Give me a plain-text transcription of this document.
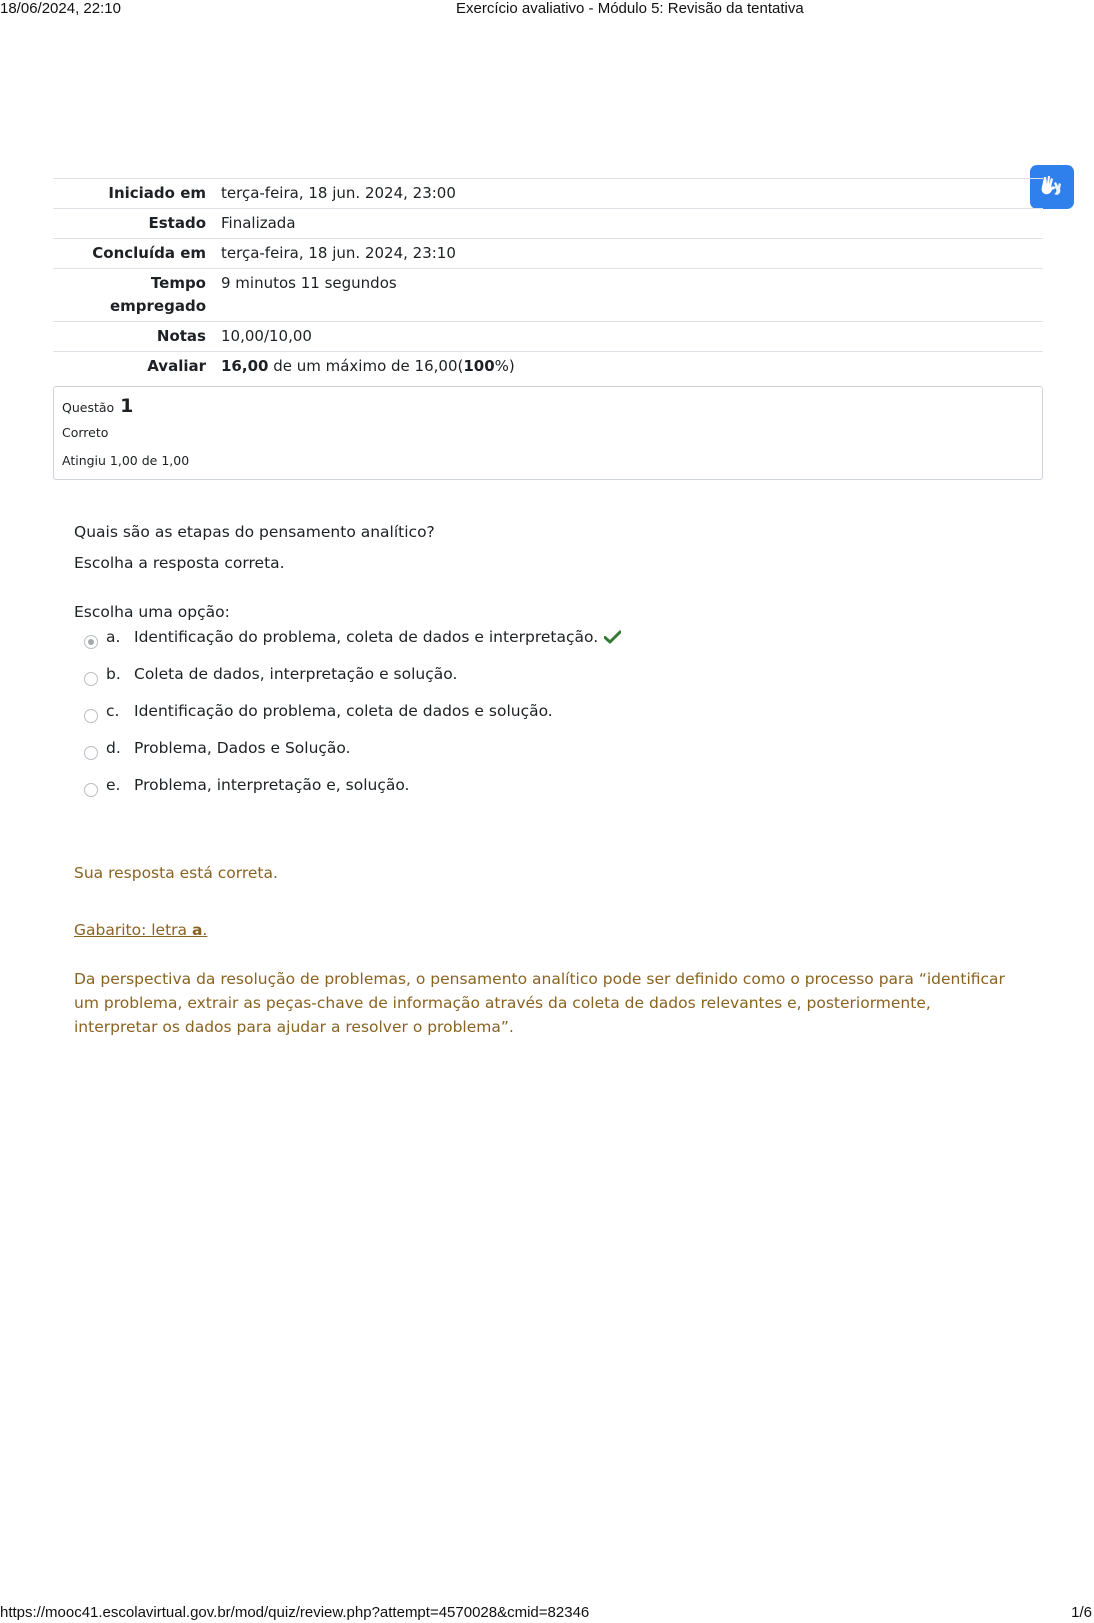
18/06/2024, 22:10	Exercício avaliativo - Módulo 5: Revisão da tentativa
Iniciado em	terça-feira, 18 jun. 2024, 23:00
Estado	Finalizada
Concluída em	terça-feira, 18 jun. 2024, 23:10
Tempo
empregado	9 minutos 11 segundos
Notas	10,00/10,00
Avaliar	16,00 de um máximo de 16,00(100%)
Questão 1
Correto
Atingiu 1,00 de 1,00
Quais são as etapas do pensamento analítico?
Escolha a resposta correta.
Escolha uma opção:
a. Identificação do problema, coleta de dados e interpretação.
b. Coleta de dados, interpretação e solução.
c. Identificação do problema, coleta de dados e solução.
d. Problema, Dados e Solução.
e. Problema, interpretação e, solução.
Sua resposta está correta.
Gabarito: letra a.
Da perspectiva da resolução de problemas, o pensamento analítico pode ser definido como o processo para “identificar um problema, extrair as peças-chave de informação através da coleta de dados relevantes e, posteriormente, interpretar os dados para ajudar a resolver o problema”.
https://mooc41.escolavirtual.gov.br/mod/quiz/review.php?attempt=4570028&cmid=82346	1/6
